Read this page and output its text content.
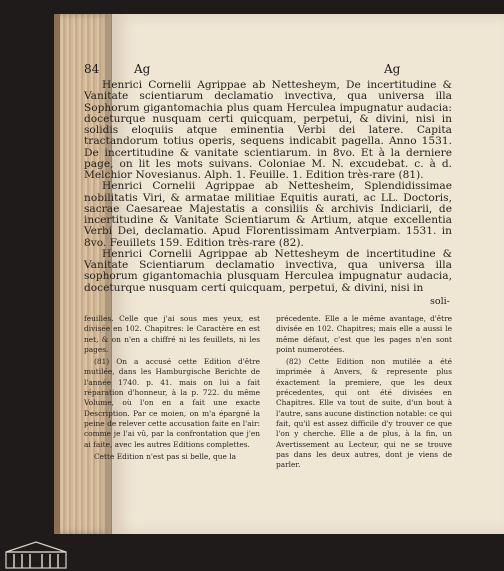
84	Ag	Ag

Henrici Cornelii Agrippae ab Nettesheym, De incertitudine & Vanitate scientiarum declamatio invectiva, qua universa illa Sophorum gigantomachia plus quam Herculea impugnatur audacia: doceturque nusquam certi quicquam, perpetui, & divini, nisi in solidis eloquiis atque eminentia Verbi dei latere. Capita tractandorum totius operis, sequens indicabit pagella. Anno 1531. De incertitudine & vanitate scientiarum. in 8vo. Et à la derniere page, on lit les mots suivans. Coloniae M. N. excudebat. c. à d. Melchior Novesianus. Alph. 1. Feuille. 1. Edition très-rare (81).

Henrici Cornelii Agrippae ab Nettesheim, Splendidissimae nobilitatis Viri, & armatae militiae Equitis aurati, ac LL. Doctoris, sacrae Caesareae Majestatis a consiliis & archivis Indiciarii, de incertitudine & Vanitate Scientiarum & Artium, atque excellentia Verbi Dei, declamatio. Apud Florentissimam Antverpiam. 1531. in 8vo. Feuillets 159. Edition très-rare (82).

Henrici Cornelii Agrippae ab Nettesheym de incertitudine & Vanitate Scientiarum declamatio invectiva, qua universa illa sophorum gigantomachia plusquam Herculea impugnatur audacia, doceturque nusquam certi quicquam, perpetui, & divini, nisi in

soli-

feuilles. Celle que j'ai sous mes yeux, est divisée en 102. Chapitres: le Caractère en est net, & on n'en a chiffré ni les feuillets, ni les pages.

(81) On a accusé cette Edition d'être mutilée, dans les Hamburgische Berichte de l'année 1740. p. 41. mais on lui a fait réparation d'honneur, à la p. 722. du même Volume, où l'on en a fait une exacte Description. Par ce moien, on m'a épargné la peine de relever cette accusation faite en l'air: comme je l'ai vû, par la confrontation que j'en ai faite, avec les autres Editions complettes.

Cette Edition n'est pas si belle, que la

précedente. Elle a le même avantage, d'être divisée en 102. Chapitres; mais elle a aussi le même défaut, c'est que les pages n'en sont point numerotées.

(82) Cette Edition non mutilée a été imprimée à Anvers, & represente plus éxactement la premiere, que les deux précedentes, qui ont été divisées en Chapitres. Elle va tout de suite, d'un bout à l'autre, sans aucune distinction notable: ce qui fait, qu'il est assez difficile d'y trouver ce que l'on y cherche. Elle a de plus, à la fin, un Avertissement au Lecteur, qui ne se trouve pas dans les deux autres, dont je viens de parler.
